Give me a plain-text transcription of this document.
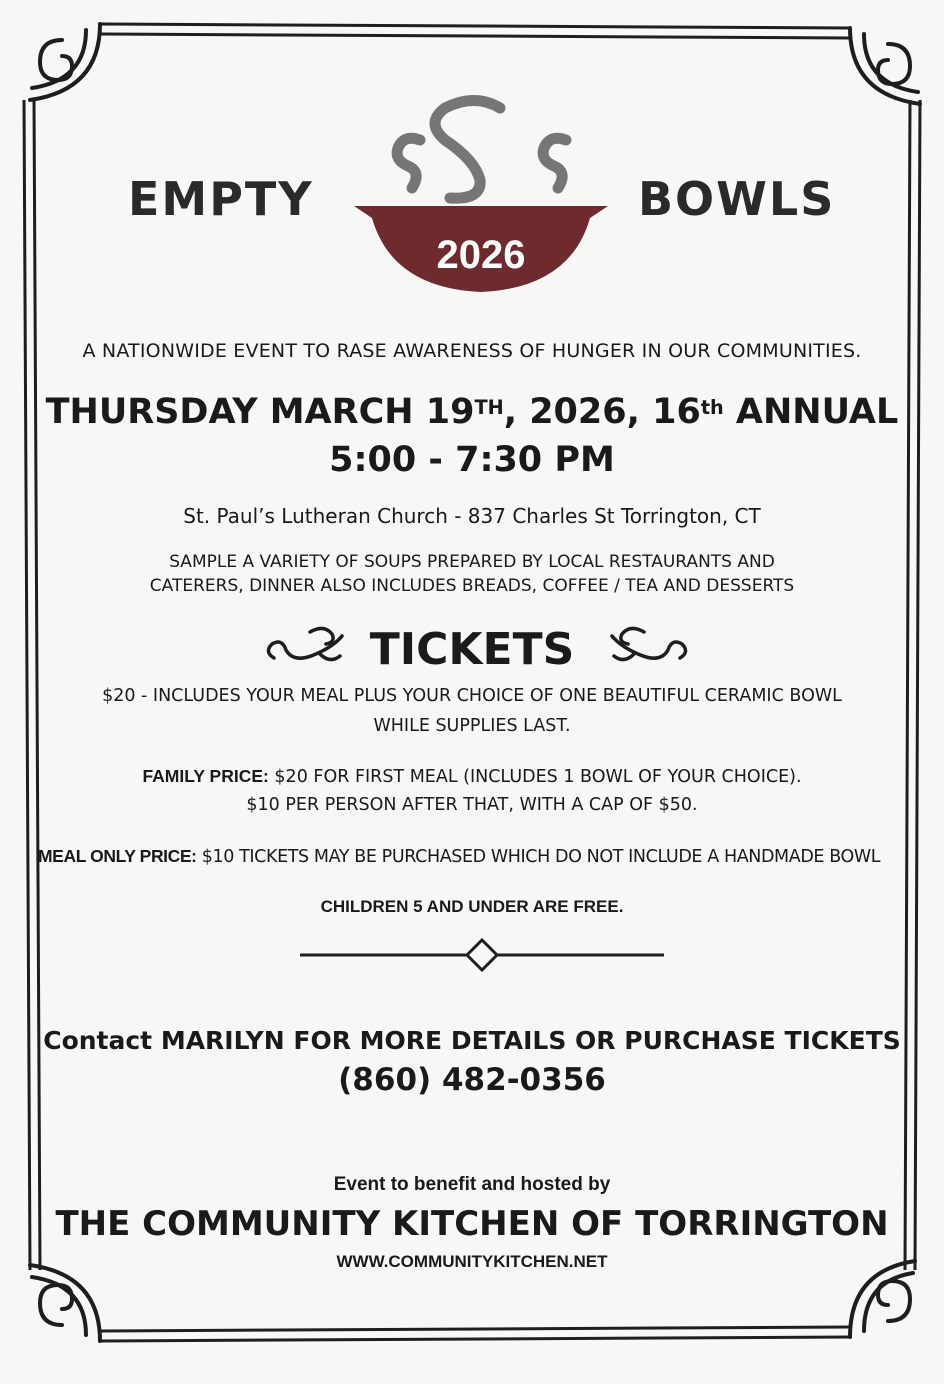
EMPTY	BOWLS
2026
A NATIONWIDE EVENT TO RASE AWARENESS OF HUNGER IN OUR COMMUNITIES.
THURSDAY MARCH 19TH, 2026, 16th ANNUAL
5:00 - 7:30 PM
St. Paul’s Lutheran Church - 837 Charles St Torrington, CT
SAMPLE A VARIETY OF SOUPS PREPARED BY LOCAL RESTAURANTS AND
CATERERS, DINNER ALSO INCLUDES BREADS, COFFEE / TEA AND DESSERTS
TICKETS
$20 - INCLUDES YOUR MEAL PLUS YOUR CHOICE OF ONE BEAUTIFUL CERAMIC BOWL
WHILE SUPPLIES LAST.
FAMILY PRICE: $20 FOR FIRST MEAL (INCLUDES 1 BOWL OF YOUR CHOICE).
$10 PER PERSON AFTER THAT, WITH A CAP OF $50.
MEAL ONLY PRICE: $10 TICKETS MAY BE PURCHASED WHICH DO NOT INCLUDE A HANDMADE BOWL
CHILDREN 5 AND UNDER ARE FREE.
Contact MARILYN FOR MORE DETAILS OR PURCHASE TICKETS
(860) 482-0356
Event to benefit and hosted by
THE COMMUNITY KITCHEN OF TORRINGTON
WWW.COMMUNITYKITCHEN.NET
